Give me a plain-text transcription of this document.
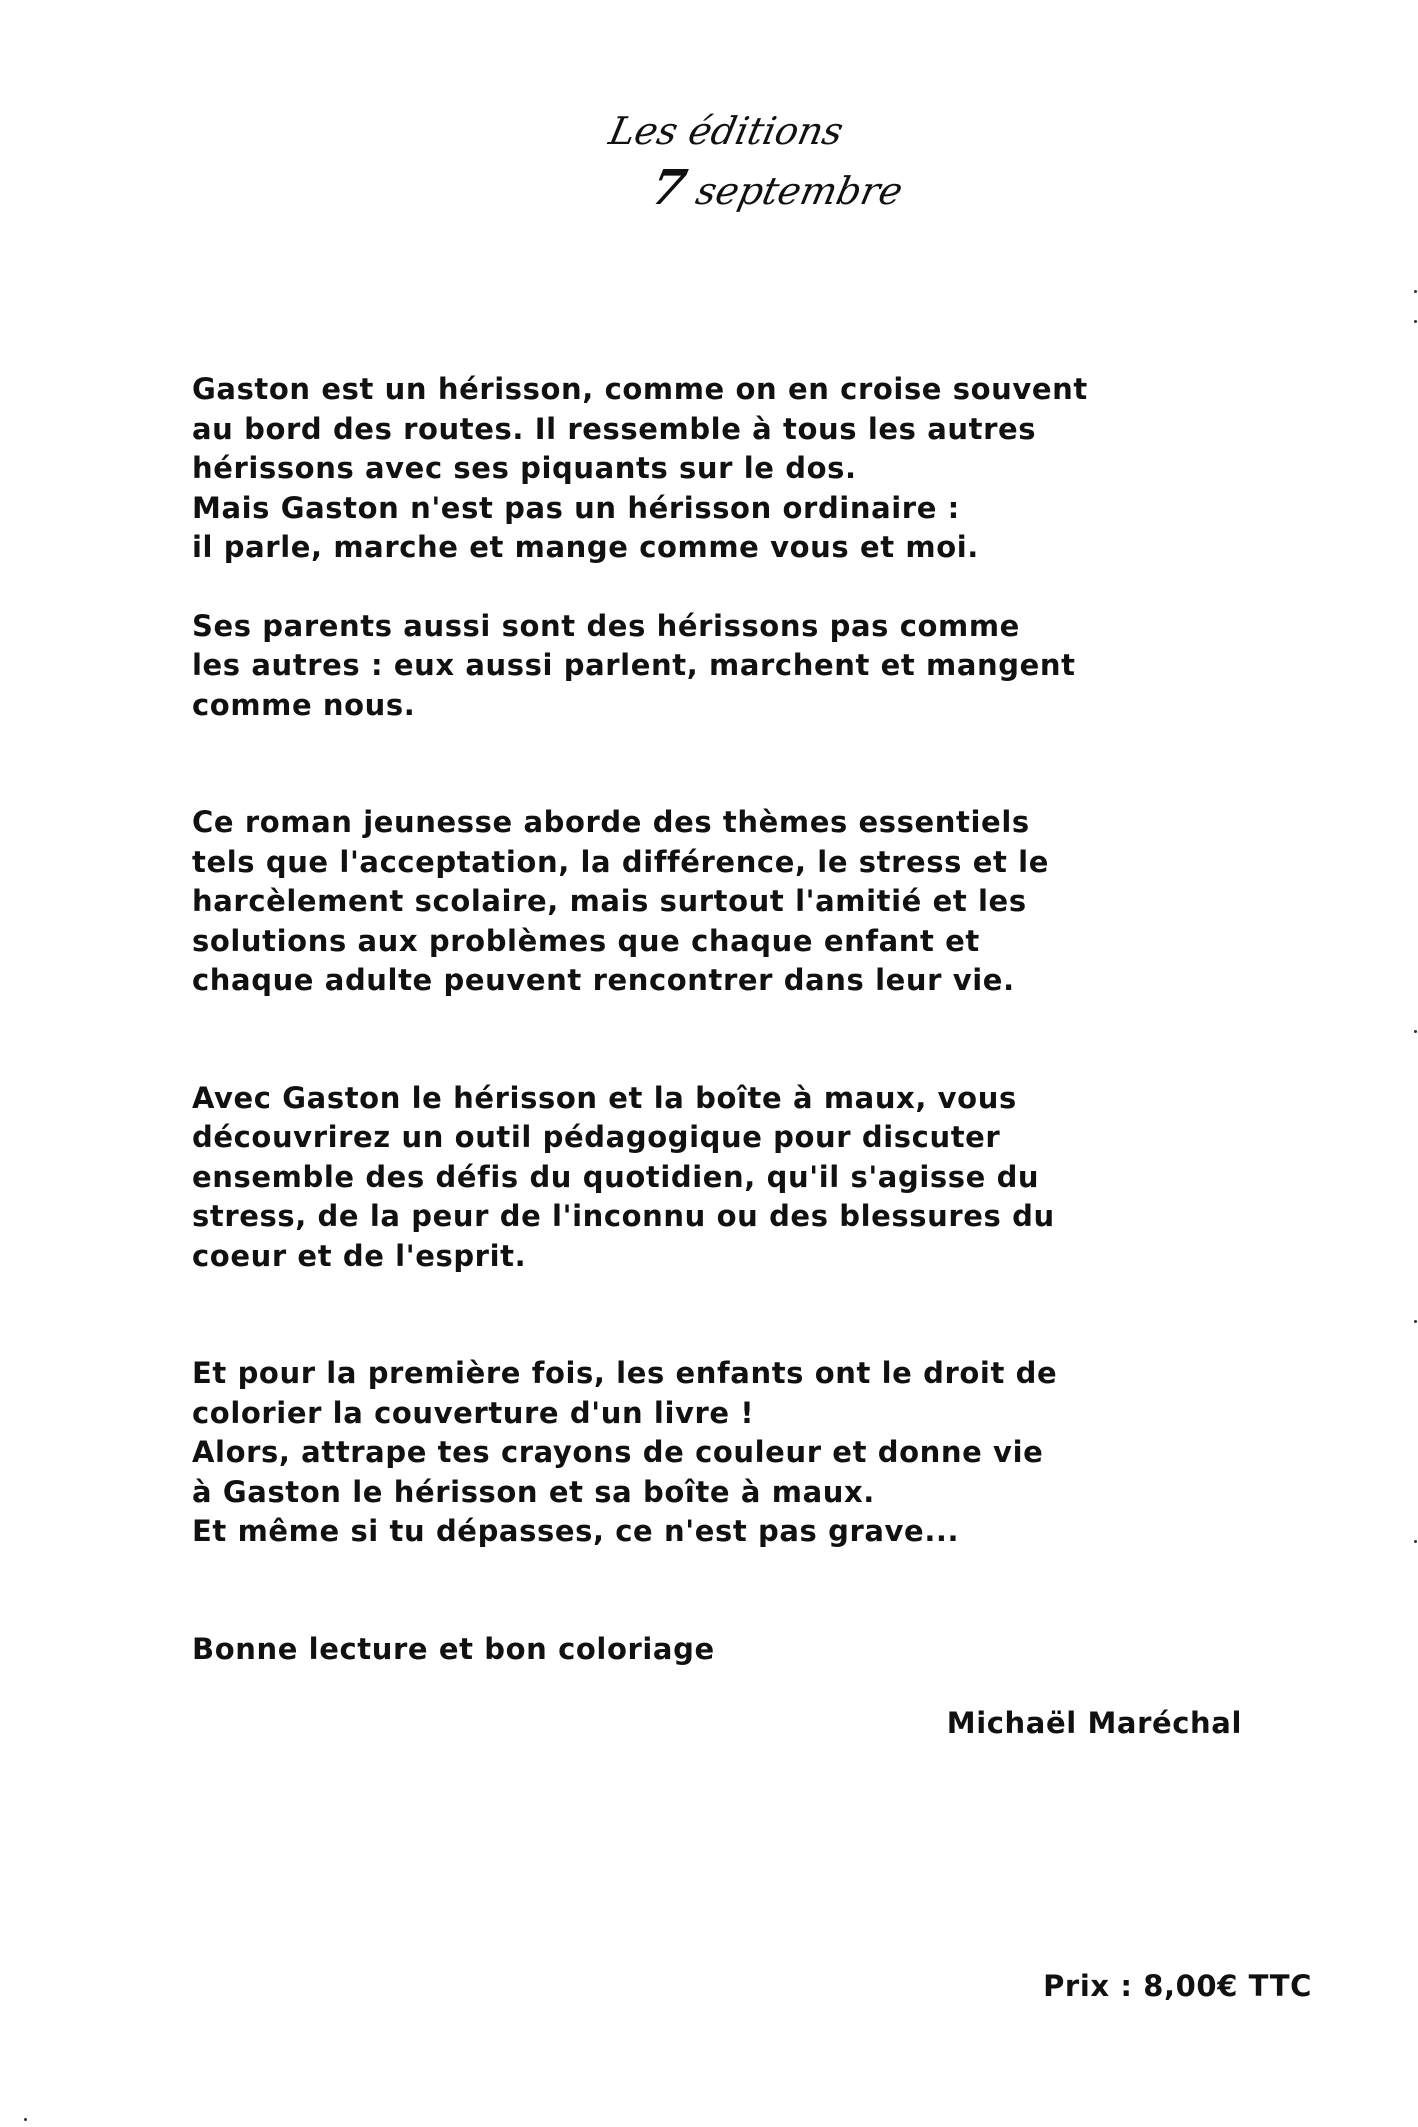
Les éditions
7 septembre

Gaston est un hérisson, comme on en croise souvent
au bord des routes. Il ressemble à tous les autres
hérissons avec ses piquants sur le dos.
Mais Gaston n'est pas un hérisson ordinaire :
il parle, marche et mange comme vous et moi.

Ses parents aussi sont des hérissons pas comme
les autres : eux aussi parlent, marchent et mangent
comme nous.

Ce roman jeunesse aborde des thèmes essentiels
tels que l'acceptation, la différence, le stress et le
harcèlement scolaire, mais surtout l'amitié et les
solutions aux problèmes que chaque enfant et
chaque adulte peuvent rencontrer dans leur vie.

Avec Gaston le hérisson et la boîte à maux, vous
découvrirez un outil pédagogique pour discuter
ensemble des défis du quotidien, qu'il s'agisse du
stress, de la peur de l'inconnu ou des blessures du
coeur et de l'esprit.

Et pour la première fois, les enfants ont le droit de
colorier la couverture d'un livre !
Alors, attrape tes crayons de couleur et donne vie
à Gaston le hérisson et sa boîte à maux.
Et même si tu dépasses, ce n'est pas grave...

Bonne lecture et bon coloriage

Michaël Maréchal
Prix : 8,00€ TTC
